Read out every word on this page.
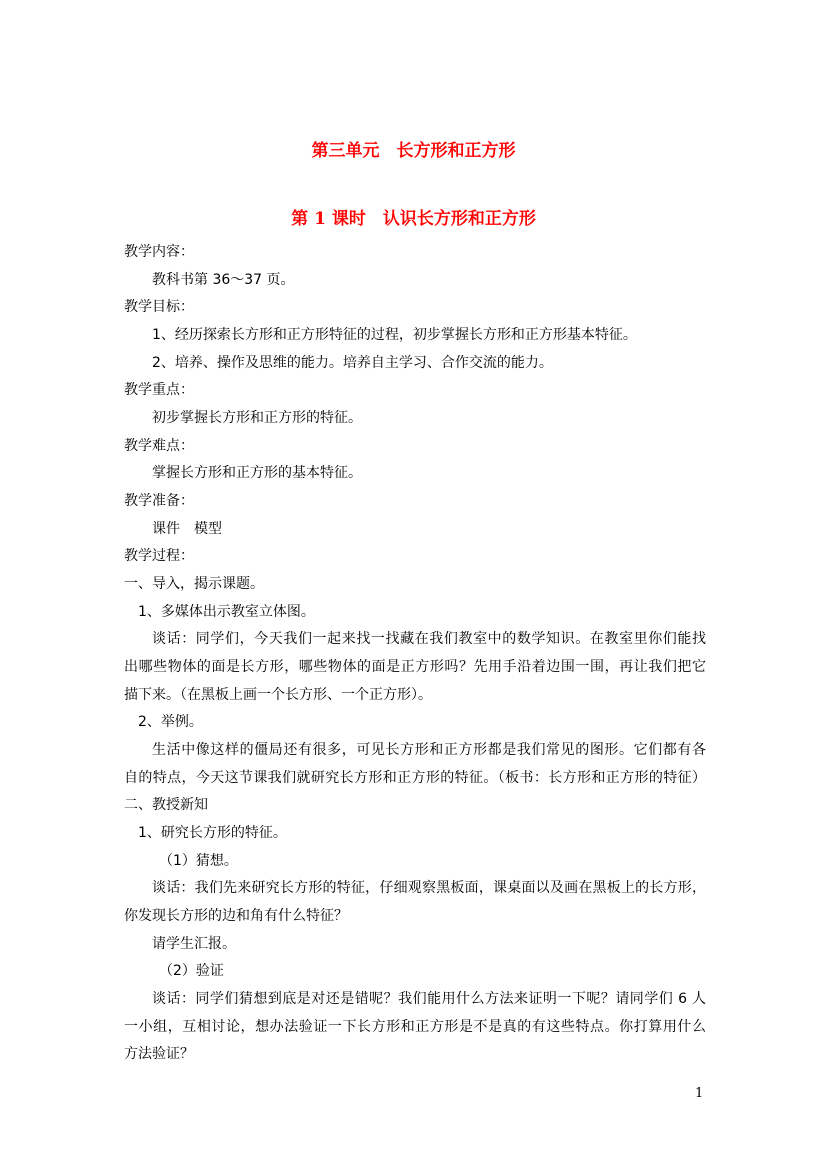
第三单元　长方形和正方形
第 1 课时　认识长方形和正方形
教学内容：
教科书第 36～37 页。
教学目标：
1、经历探索长方形和正方形特征的过程，初步掌握长方形和正方形基本特征。
2、培养、操作及思维的能力。培养自主学习、合作交流的能力。
教学重点：
初步掌握长方形和正方形的特征。
教学难点：
掌握长方形和正方形的基本特征。
教学准备：
课件　模型
教学过程：
一、导入，揭示课题。
1、多媒体出示教室立体图。
谈话：同学们，今天我们一起来找一找藏在我们教室中的数学知识。在教室里你们能找
出哪些物体的面是长方形，哪些物体的面是正方形吗？先用手沿着边围一围，再让我们把它
描下来。（在黑板上画一个长方形、一个正方形）。
2、举例。
生活中像这样的僵局还有很多，可见长方形和正方形都是我们常见的图形。它们都有各
自的特点，今天这节课我们就研究长方形和正方形的特征。（板书：长方形和正方形的特征）
二、教授新知
1、研究长方形的特征。
（1）猜想。
谈话：我们先来研究长方形的特征，仔细观察黑板面，课桌面以及画在黑板上的长方形，
你发现长方形的边和角有什么特征？
请学生汇报。
（2）验证
谈话：同学们猜想到底是对还是错呢？我们能用什么方法来证明一下呢？请同学们 6 人
一小组，互相讨论，想办法验证一下长方形和正方形是不是真的有这些特点。你打算用什么
方法验证？
1
